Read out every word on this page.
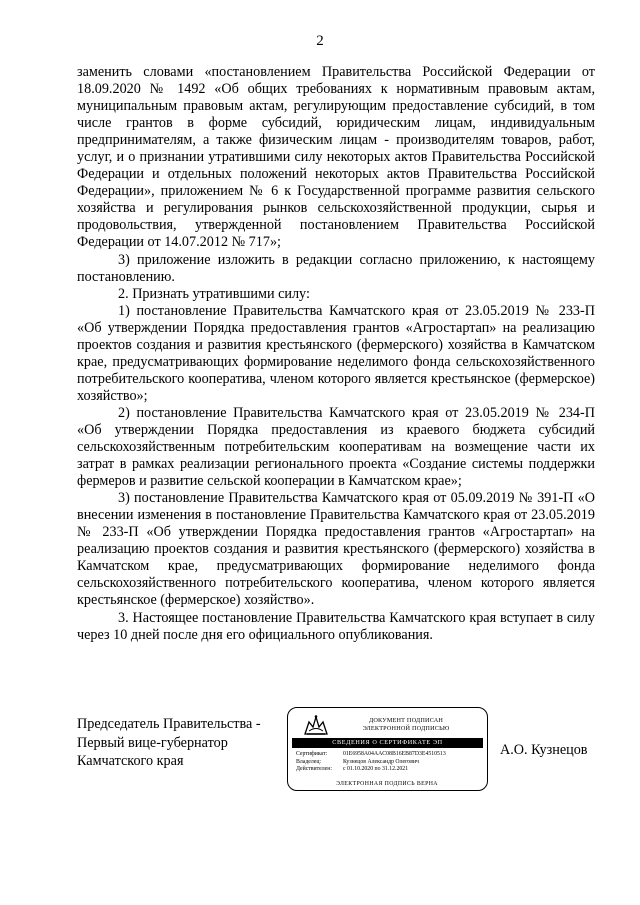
2

заменить словами «постановлением Правительства Российской Федерации от 18.09.2020 № 1492 «Об общих требованиях к нормативным правовым актам, муниципальным правовым актам, регулирующим предоставление субсидий, в том числе грантов в форме субсидий, юридическим лицам, индивидуальным предпринимателям, а также физическим лицам - производителям товаров, работ, услуг, и о признании утратившими силу некоторых актов Правительства Российской Федерации и отдельных положений некоторых актов Правительства Российской Федерации», приложением № 6 к Государственной программе развития сельского хозяйства и регулирования рынков сельскохозяйственной продукции, сырья и продовольствия, утвержденной постановлением Правительства Российской Федерации от 14.07.2012 № 717»;

3) приложение изложить в редакции согласно приложению, к настоящему постановлению.

2. Признать утратившими силу:

1) постановление Правительства Камчатского края от 23.05.2019 № 233-П «Об утверждении Порядка предоставления грантов «Агростартап» на реализацию проектов создания и развития крестьянского (фермерского) хозяйства в Камчатском крае, предусматривающих формирование неделимого фонда сельскохозяйственного потребительского кооператива, членом которого является крестьянское (фермерское) хозяйство»;

2) постановление Правительства Камчатского края от 23.05.2019 № 234-П «Об утверждении Порядка предоставления из краевого бюджета субсидий сельскохозяйственным потребительским кооперативам на возмещение части их затрат в рамках реализации регионального проекта «Создание системы поддержки фермеров и развитие сельской кооперации в Камчатском крае»;

3) постановление Правительства Камчатского края от 05.09.2019 № 391-П «О внесении изменения в постановление Правительства Камчатского края от 23.05.2019 № 233-П «Об утверждении Порядка предоставления грантов «Агростартап» на реализацию проектов создания и развития крестьянского (фермерского) хозяйства в Камчатском крае, предусматривающих формирование неделимого фонда сельскохозяйственного потребительского кооператива, членом которого является крестьянское (фермерское) хозяйство».

3. Настоящее постановление Правительства Камчатского края вступает в силу через 10 дней после дня его официального опубликования.

Председатель Правительства -
Первый вице-губернатор
Камчатского края
ДОКУМЕНТ ПОДПИСАН
ЭЛЕКТРОННОЙ ПОДПИСЬЮ
СВЕДЕНИЯ О СЕРТИФИКАТЕ ЭП
Сертификат:	01E6958A04AAC08B16EB87D3E4510513
Владелец:	Кузнецов Александр Олегович
Действителен:	с 01.10.2020 по 31.12.2021
ЭЛЕКТРОННАЯ ПОДПИСЬ ВЕРНА
А.О. Кузнецов
